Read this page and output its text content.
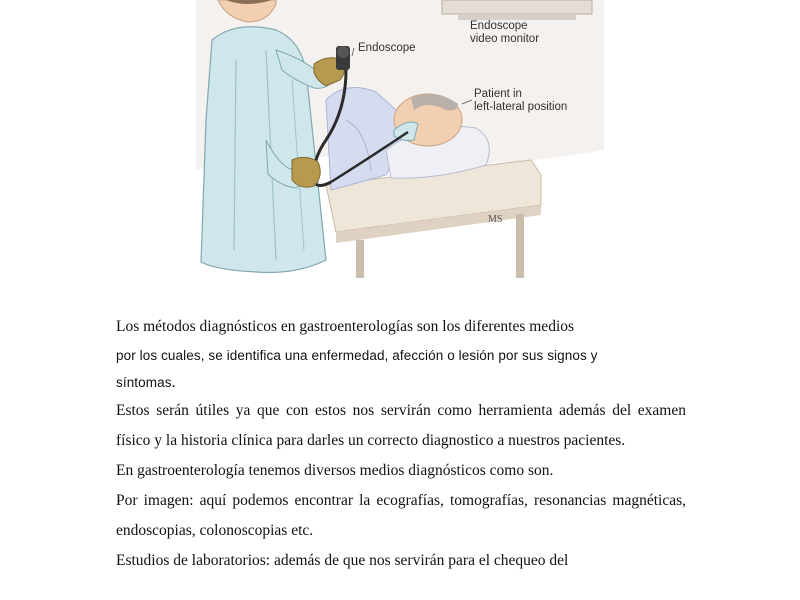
MS
Endoscope
Endoscope
video monitor
Patient in
left-lateral position

Los métodos diagnósticos en gastroenterologías son los diferentes medios

por los cuales, se identifica una enfermedad, afección o lesión por sus signos y
síntomas.

Estos serán útiles ya que con estos nos servirán como herramienta además del examen físico y la historia clínica para darles un correcto diagnostico a nuestros pacientes.

En gastroenterología tenemos diversos medios diagnósticos como son.

Por imagen: aquí podemos encontrar la ecografías, tomografías, resonancias magnéticas, endoscopias, colonoscopias etc.

Estudios de laboratorios: además de que nos servirán para el chequeo del
